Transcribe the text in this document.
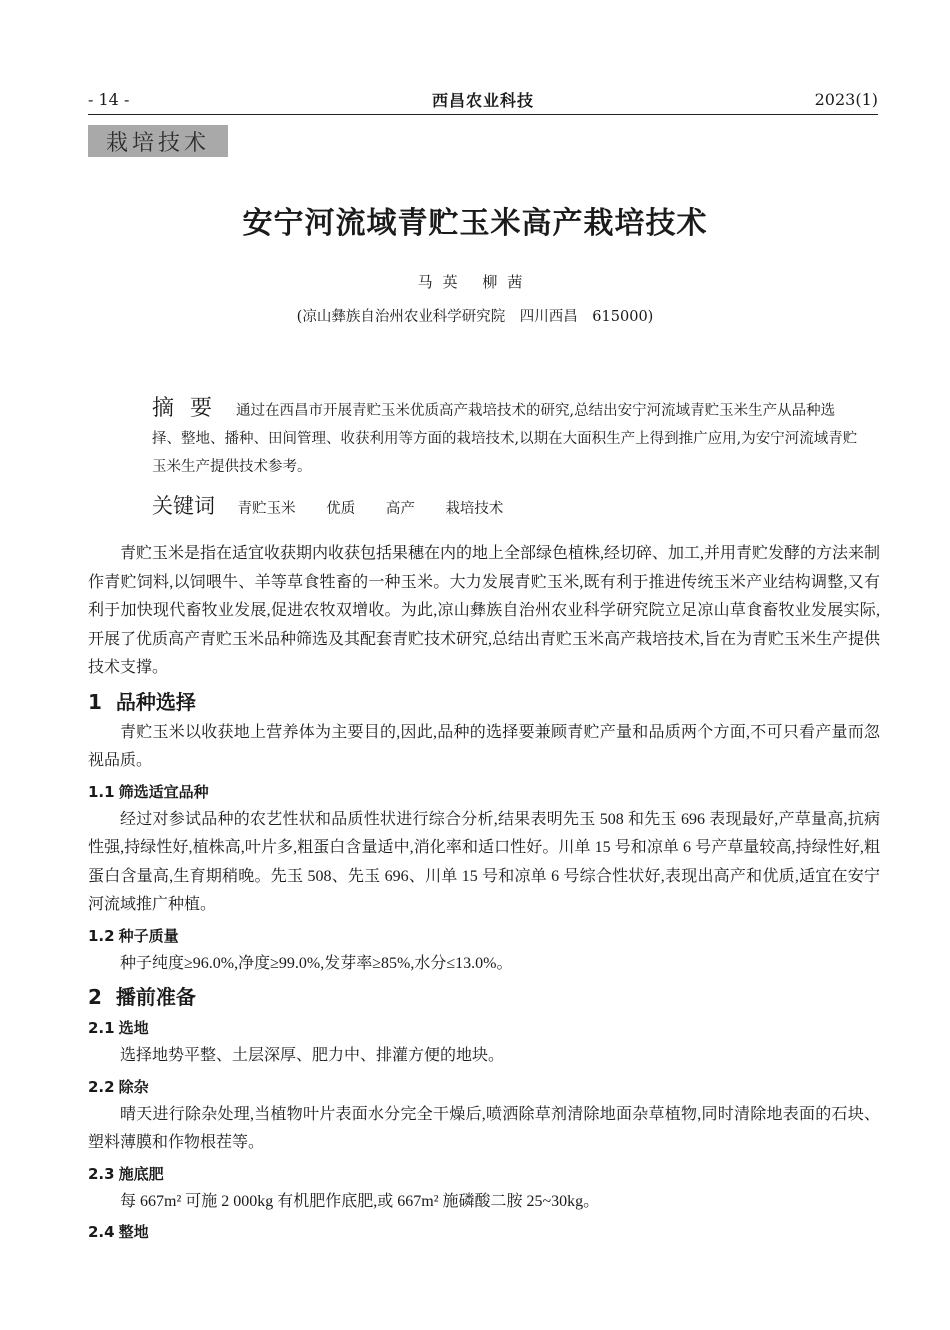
- 14 -	西昌农业科技	2023(1)
栽培技术
安宁河流域青贮玉米高产栽培技术
马英 柳茜
(凉山彝族自治州农业科学研究院　四川西昌　615000)
摘要 通过在西昌市开展青贮玉米优质高产栽培技术的研究,总结出安宁河流域青贮玉米生产从品种选择、整地、播种、田间管理、收获利用等方面的栽培技术,以期在大面积生产上得到推广应用,为安宁河流域青贮玉米生产提供技术参考。
关键词 青贮玉米 优质 高产 栽培技术

青贮玉米是指在适宜收获期内收获包括果穗在内的地上全部绿色植株,经切碎、加工,并用青贮发酵的方法来制作青贮饲料,以饲喂牛、羊等草食牲畜的一种玉米。大力发展青贮玉米,既有利于推进传统玉米产业结构调整,又有利于加快现代畜牧业发展,促进农牧双增收。为此,凉山彝族自治州农业科学研究院立足凉山草食畜牧业发展实际,开展了优质高产青贮玉米品种筛选及其配套青贮技术研究,总结出青贮玉米高产栽培技术,旨在为青贮玉米生产提供技术支撑。

1 品种选择

青贮玉米以收获地上营养体为主要目的,因此,品种的选择要兼顾青贮产量和品质两个方面,不可只看产量而忽视品质。

1.1 筛选适宜品种

经过对参试品种的农艺性状和品质性状进行综合分析,结果表明先玉 508 和先玉 696 表现最好,产草量高,抗病性强,持绿性好,植株高,叶片多,粗蛋白含量适中,消化率和适口性好。川单 15 号和凉单 6 号产草量较高,持绿性好,粗蛋白含量高,生育期稍晚。先玉 508、先玉 696、川单 15 号和凉单 6 号综合性状好,表现出高产和优质,适宜在安宁河流域推广种植。

1.2 种子质量

种子纯度≥96.0%,净度≥99.0%,发芽率≥85%,水分≤13.0%。

2 播前准备
2.1 选地

选择地势平整、土层深厚、肥力中、排灌方便的地块。

2.2 除杂

晴天进行除杂处理,当植物叶片表面水分完全干燥后,喷洒除草剂清除地面杂草植物,同时清除地表面的石块、塑料薄膜和作物根茬等。

2.3 施底肥

每 667m² 可施 2 000kg 有机肥作底肥,或 667m² 施磷酸二胺 25~30kg。

2.4 整地
